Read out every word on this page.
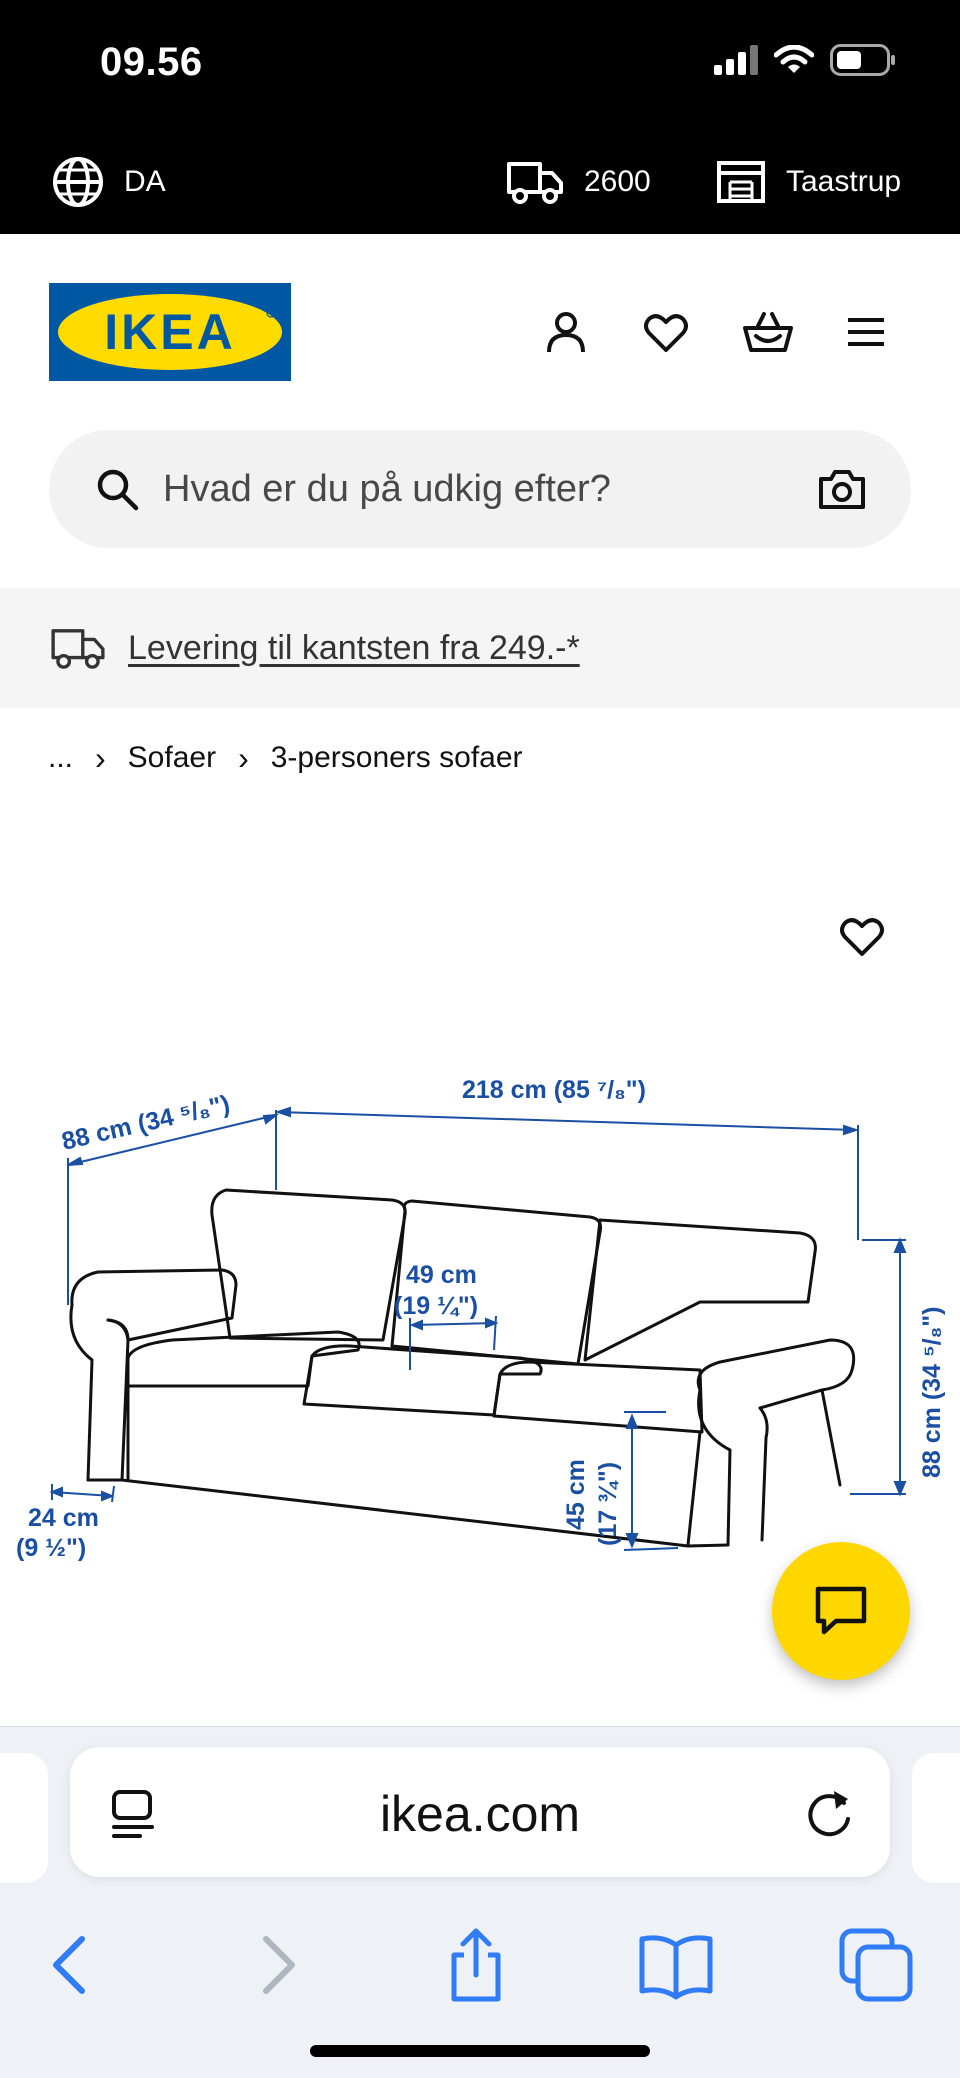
09.56
DA	2600	Taastrup
IKEA
Hvad er du på udkig efter?
Levering til kantsten fra 249.-*
... › Sofaer › 3-personers sofaer
88 cm (34 ⁵/₈")	218 cm (85 ⁷/₈")
88 cm (34 ⁵/₈")
49 cm
(19 ¼")
45 cm (17 ¾")
24 cm
(9 ½")
ikea.com
